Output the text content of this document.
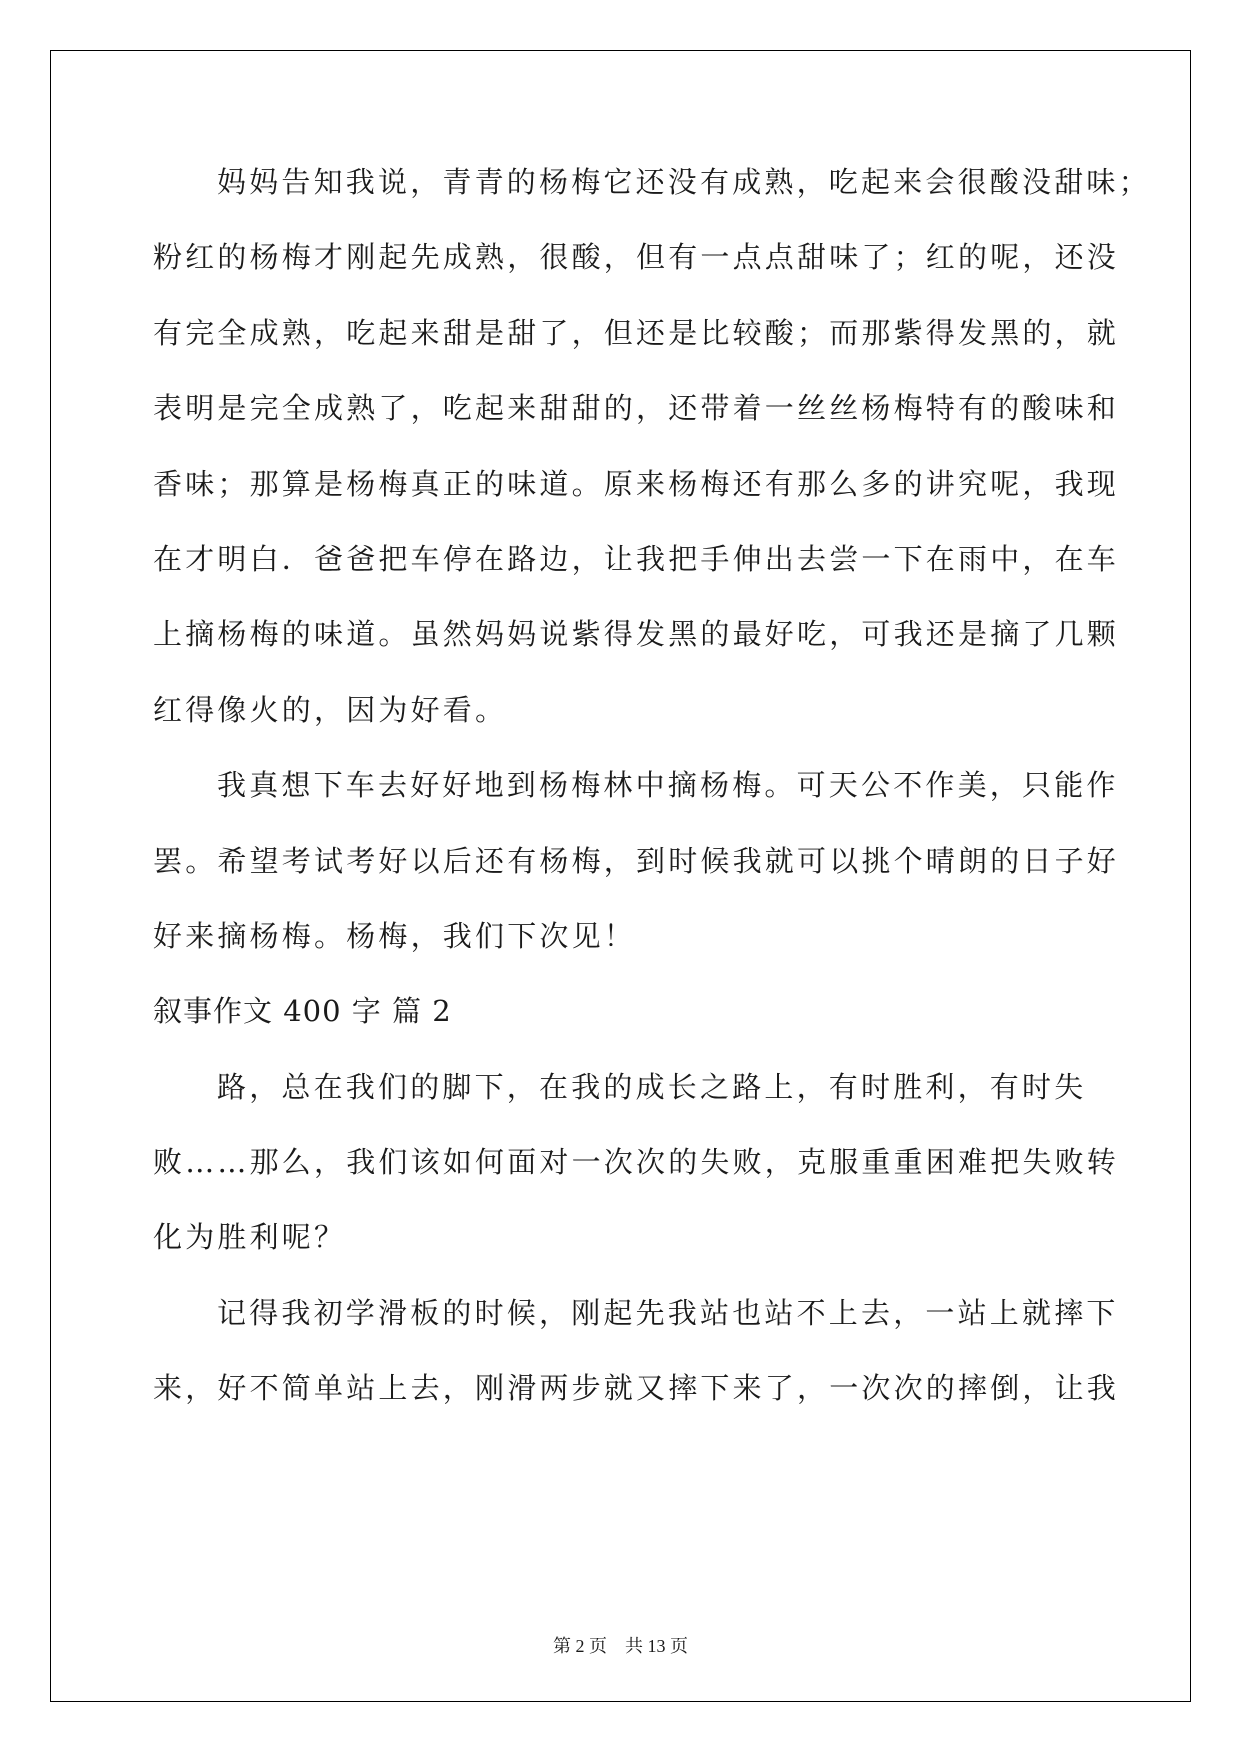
妈妈告知我说，青青的杨梅它还没有成熟，吃起来会很酸没甜味；
粉红的杨梅才刚起先成熟，很酸，但有一点点甜味了；红的呢，还没
有完全成熟，吃起来甜是甜了，但还是比较酸；而那紫得发黑的，就
表明是完全成熟了，吃起来甜甜的，还带着一丝丝杨梅特有的酸味和
香味；那算是杨梅真正的味道。原来杨梅还有那么多的讲究呢，我现
在才明白．爸爸把车停在路边，让我把手伸出去尝一下在雨中，在车
上摘杨梅的味道。虽然妈妈说紫得发黑的最好吃，可我还是摘了几颗
红得像火的，因为好看。
我真想下车去好好地到杨梅林中摘杨梅。可天公不作美，只能作
罢。希望考试考好以后还有杨梅，到时候我就可以挑个晴朗的日子好
好来摘杨梅。杨梅，我们下次见！
叙事作文 400 字 篇 2
路，总在我们的脚下，在我的成长之路上，有时胜利，有时失
败……那么，我们该如何面对一次次的失败，克服重重困难把失败转
化为胜利呢？
记得我初学滑板的时候，刚起先我站也站不上去，一站上就摔下
来，好不简单站上去，刚滑两步就又摔下来了，一次次的摔倒，让我
第 2 页    共 13 页
